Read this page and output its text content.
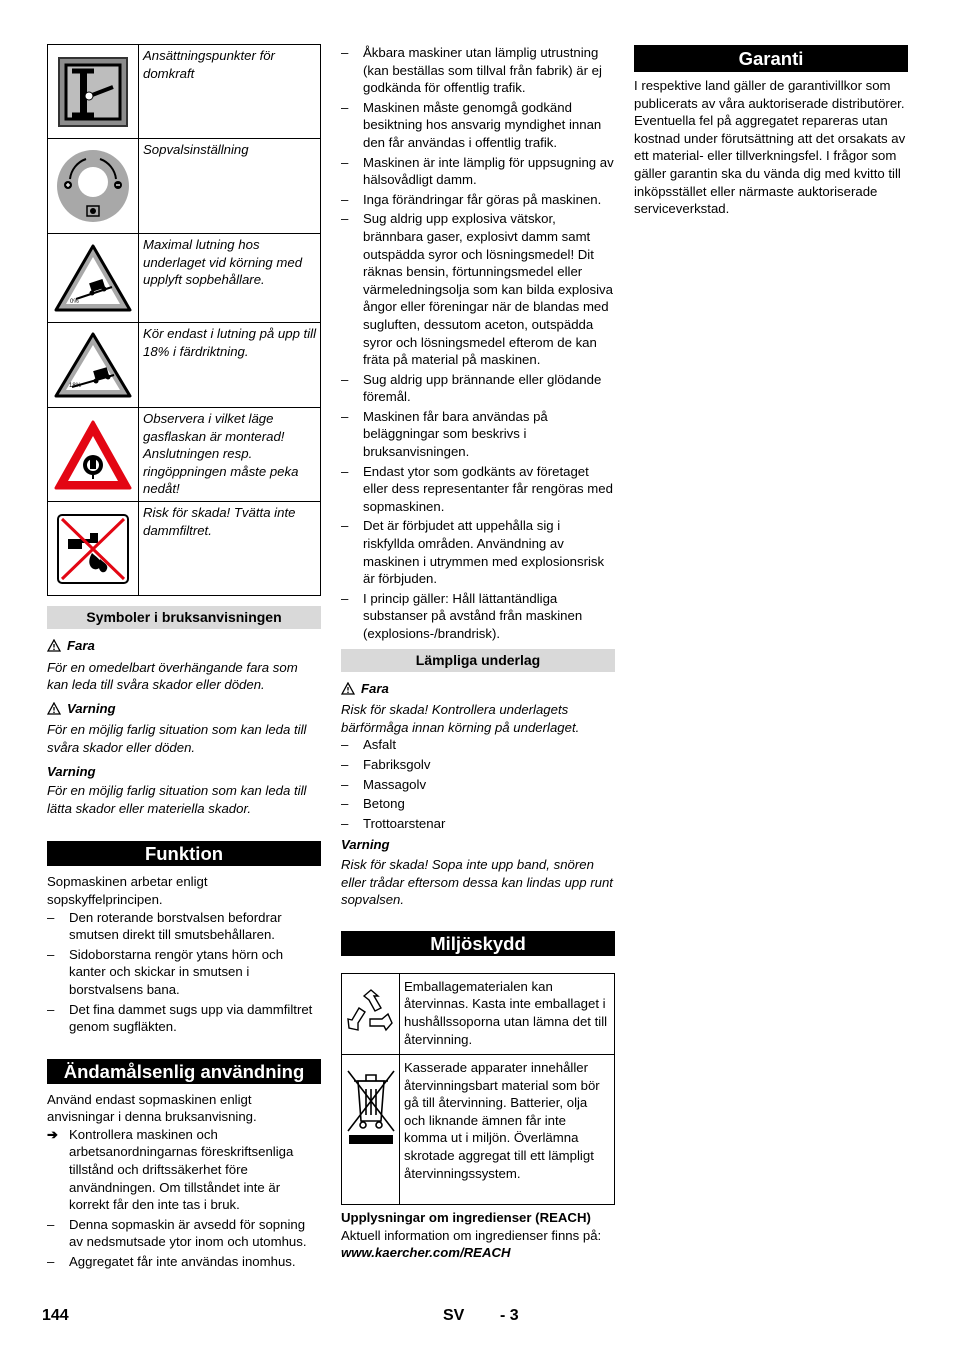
	Ansättningspunkter för domkraft

	Sopvalsinställning

0%	Maximal lutning hos underlaget vid körning med upplyft sopbehållare.

18%	Kör endast i lutning på upp till 18% i färdriktning.

	Observera i vilket läge gasflaskan är monterad! Anslutningen resp. ringöppningen måste peka nedåt!

	Risk för skada! Tvätta inte dammfiltret.
Symboler i bruksanvisningen
Fara

För en omedelbart överhängande fara som kan leda till svåra skador eller döden.

Varning

För en möjlig farlig situation som kan leda till svåra skador eller döden.

Varning

För en möjlig farlig situation som kan leda till lätta skador eller materiella skador.

Funktion

Sopmaskinen arbetar enligt sopskyffelprincipen.

– Den roterande borstvalsen befordrar smutsen direkt till smutsbehållaren.
– Sidoborstarna rengör ytans hörn och kanter och skickar in smutsen i borstvalsens bana.
– Det fina dammet sugs upp via dammfiltret genom sugfläkten.
Ändamålsenlig användning

Använd endast sopmaskinen enligt anvisningar i denna bruksanvisning.

➔ Kontrollera maskinen och arbetsanordningarnas föreskriftsenliga tillstånd och driftssäkerhet före användningen. Om tillståndet inte är korrekt får den inte tas i bruk.
– Denna sopmaskin är avsedd för sopning av nedsmutsade ytor inom och utomhus.
– Aggregatet får inte användas inomhus.
– Åkbara maskiner utan lämplig utrustning (kan beställas som tillval från fabrik) är ej godkända för offentlig trafik.
– Maskinen måste genomgå godkänd besiktning hos ansvarig myndighet innan den får användas i offentlig trafik.
– Maskinen är inte lämplig för uppsugning av hälsovådligt damm.
– Inga förändringar får göras på maskinen.
– Sug aldrig upp explosiva vätskor, brännbara gaser, explosivt damm samt outspädda syror och lösningsmedel! Dit räknas bensin, förtunningsmedel eller värmeledningsolja som kan bilda explosiva ångor eller föreningar när de blandas med sugluften, dessutom aceton, outspädda syror och lösningsmedel efterom de kan fräta på material på maskinen.
– Sug aldrig upp brännande eller glödande föremål.
– Maskinen får bara användas på beläggningar som beskrivs i bruksanvisningen.
– Endast ytor som godkänts av företaget eller dess representanter får rengöras med sopmaskinen.
– Det är förbjudet att uppehålla sig i riskfyllda områden. Användning av maskinen i utrymmen med explosionsrisk är förbjuden.
– I princip gäller: Håll lättantändliga substanser på avstånd från maskinen (explosions-/brandrisk).
Lämpliga underlag
Fara

Risk för skada! Kontrollera underlagets bärförmåga innan körning på underlaget.

– Asfalt
– Fabriksgolv
– Massagolv
– Betong
– Trottoarstenar

Varning

Risk för skada! Sopa inte upp band, snören eller trådar eftersom dessa kan lindas upp runt sopvalsen.

Miljöskydd
	Emballagematerialen kan återvinnas. Kasta inte emballaget i hushållssoporna utan lämna det till återvinning.
	Kasserade apparater innehåller återvinningsbart material som bör gå till återvinning. Batterier, olja och liknande ämnen får inte komma ut i miljön. Överlämna skrotade aggregat till ett lämpligt återvinningssystem.

Upplysningar om ingredienser (REACH)

Aktuell information om ingredienser finns på:

www.kaercher.com/REACH

Garanti

I respektive land gäller de garantivillkor som publicerats av våra auktoriserade distributörer. Eventuella fel på aggregatet repareras utan kostnad under förutsättning att det orsakats av ett material- eller tillverkningsfel. I frågor som gäller garantin ska du vända dig med kvitto till inköpsstället eller närmaste auktoriserade serviceverkstad.

144	SV - 3
